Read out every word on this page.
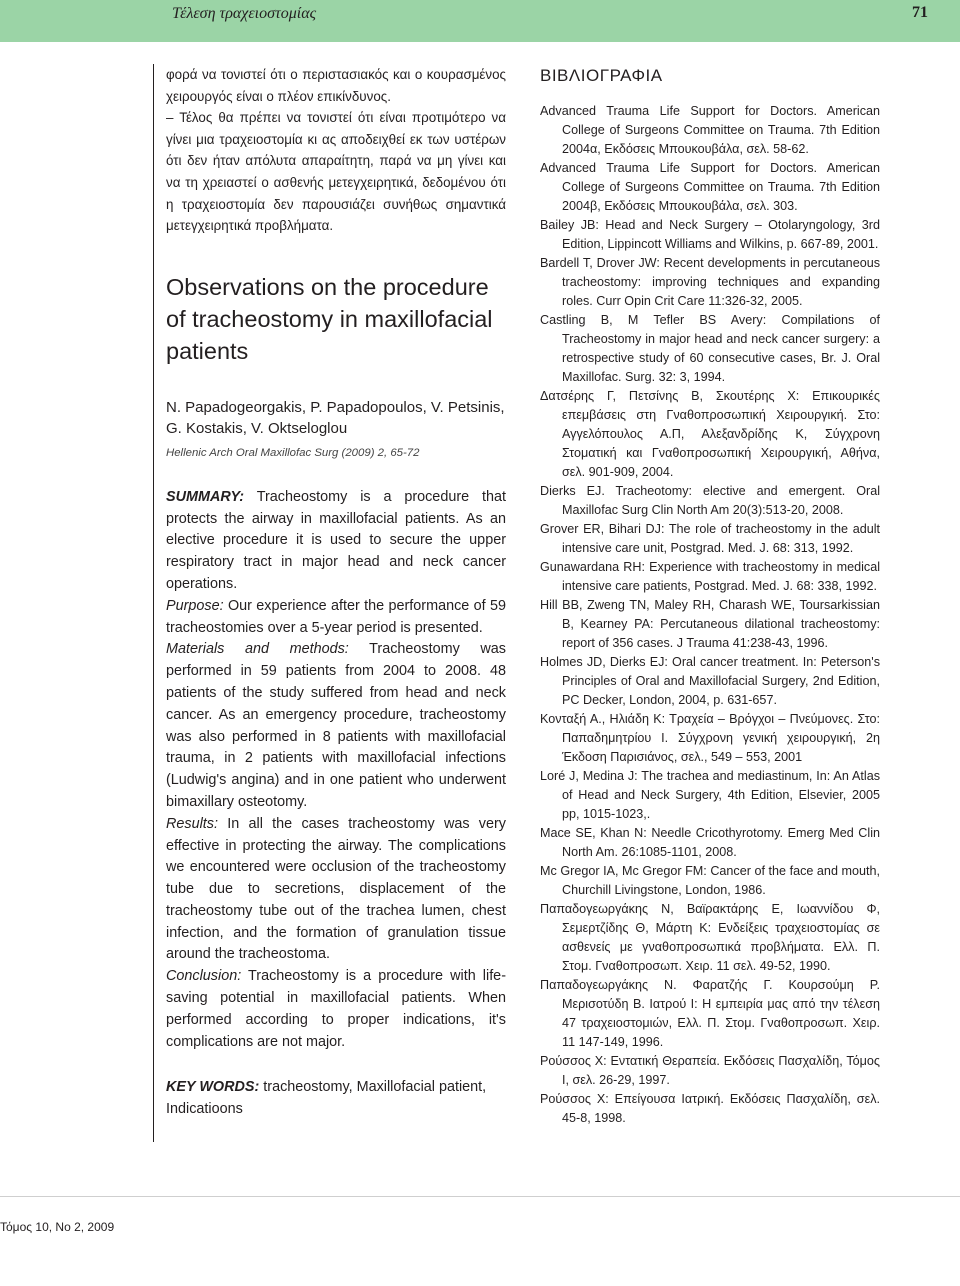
Τέλεση τραχειοστομίας	71

φορά να τονιστεί ότι ο περιστασιακός και ο κουρασμένος χειρουργός είναι ο πλέον επικίνδυνος.

– Τέλος θα πρέπει να τονιστεί ότι είναι προτιμότερο να γίνει μια τραχειοστομία κι ας αποδειχθεί εκ των υστέρων ότι δεν ήταν απόλυτα απαραίτητη, παρά να μη γίνει και να τη χρειαστεί ο ασθενής μετεγχειρητικά, δεδομένου ότι η τραχειοστομία δεν παρουσιάζει συνήθως σημαντικά μετεγχειρητικά προβλήματα.

Observations on the procedure of tracheostomy in maxillofacial patients

N. Papadogeorgakis, P. Papadopoulos, V. Petsinis, G. Kostakis, V. Oktseloglou

Hellenic Arch Oral Maxillofac Surg (2009) 2, 65-72

SUMMARY: Tracheostomy is a procedure that protects the airway in maxillofacial patients. As an elective procedure it is used to secure the upper respiratory tract in major head and neck cancer operations.
Purpose: Our experience after the performance of 59 tracheostomies over a 5-year period is presented.
Materials and methods: Tracheostomy was performed in 59 patients from 2004 to 2008. 48 patients of the study suffered from head and neck cancer. As an emergency procedure, tracheostomy was also performed in 8 patients with maxillofacial trauma, in 2 patients with maxillofacial infections (Ludwig's angina) and in one patient who underwent bimaxillary osteotomy.
Results: In all the cases tracheostomy was very effective in protecting the airway. The complications we encountered were occlusion of the tracheostomy tube due to secretions, displacement of the tracheostomy tube out of the trachea lumen, chest infection, and the formation of granulation tissue around the tracheostoma.
Conclusion: Tracheostomy is a procedure with life-saving potential in maxillofacial patients. When performed according to proper indications, it's complications are not major.

KEY WORDS: tracheostomy, Maxillofacial patient, Indicatioons

ΒΙΒΛΙΟΓΡΑΦΙΑ
Advanced Trauma Life Support for Doctors. American College of Surgeons Committee on Trauma. 7th Edition 2004α, Εκδόσεις Μπουκουβάλα, σελ. 58-62.
Advanced Trauma Life Support for Doctors. American College of Surgeons Committee on Trauma. 7th Edition 2004β, Εκδόσεις Μπουκουβάλα, σελ. 303.
Bailey JB: Head and Neck Surgery – Otolaryngology, 3rd Edition, Lippincott Williams and Wilkins, p. 667-89, 2001.
Bardell T, Drover JW: Recent developments in percutaneous tracheostomy: improving techniques and expanding roles. Curr Opin Crit Care 11:326-32, 2005.
Castling B, M Tefler BS Avery: Compilations of Tracheostomy in major head and neck cancer surgery: a retrospective study of 60 consecutive cases, Br. J. Oral Maxillofac. Surg. 32: 3, 1994.
Δατσέρης Γ, Πετσίνης Β, Σκουτέρης Χ: Επικουρικές επεμβάσεις στη Γναθοπροσωπική Χειρουργική. Στο: Αγγελόπουλος Α.Π, Αλεξανδρίδης Κ, Σύγχρονη Στοματική και Γναθοπροσωπική Χειρουργική, Αθήνα, σελ. 901-909, 2004.
Dierks EJ. Tracheotomy: elective and emergent. Oral Maxillofac Surg Clin North Am 20(3):513-20, 2008.
Grover ER, Bihari DJ: The role of tracheostomy in the adult intensive care unit, Postgrad. Med. J. 68: 313, 1992.
Gunawardana RH: Experience with tracheostomy in medical intensive care patients, Postgrad. Med. J. 68: 338, 1992.
Hill BB, Zweng TN, Maley RH, Charash WE, Toursarkissian B, Kearney PA: Percutaneous dilational tracheostomy: report of 356 cases. J Trauma 41:238-43, 1996.
Holmes JD, Dierks EJ: Oral cancer treatment. In: Peterson's Principles of Oral and Maxillofacial Surgery, 2nd Edition, PC Decker, London, 2004, p. 631-657.
Κονταξή Α., Ηλιάδη Κ: Τραχεία – Βρόγχοι – Πνεύμονες. Στο: Παπαδημητρίου Ι. Σύγχρονη γενική χειρουργική, 2η Έκδοση Παρισιάνος, σελ., 549 – 553, 2001
Loré J, Medina J: The trachea and mediastinum, In: An Atlas of Head and Neck Surgery, 4th Edition, Elsevier, 2005 pp, 1015-1023,.
Mace SE, Khan N: Needle Cricothyrotomy. Emerg Med Clin North Am. 26:1085-1101, 2008.
Mc Gregor IA, Mc Gregor FM: Cancer of the face and mouth, Churchill Livingstone, London, 1986.
Παπαδογεωργάκης Ν, Βαϊρακτάρης Ε, Ιωαννίδου Φ, Σεμερτζίδης Θ, Μάρτη Κ: Ενδείξεις τραχειοστομίας σε ασθενείς με γναθοπροσωπικά προβλήματα. Ελλ. Π. Στομ. Γναθοπροσωπ. Χειρ. 11 σελ. 49-52, 1990.
Παπαδογεωργάκης Ν. Φαρατζής Γ. Κουρσούμη Ρ. Μερισοτύδη Β. Ιατρού Ι: Η εμπειρία μας από την τέλεση 47 τραχειοστομιών, Ελλ. Π. Στομ. Γναθοπροσωπ. Χειρ. 11 147-149, 1996.
Ρούσσος Χ: Εντατική Θεραπεία. Εκδόσεις Πασχαλίδη, Τόμος Ι, σελ. 26-29, 1997.
Ρούσσος Χ: Επείγουσα Ιατρική. Εκδόσεις Πασχαλίδη, σελ. 45-8, 1998.
Τόμος 10, Νο 2, 2009
